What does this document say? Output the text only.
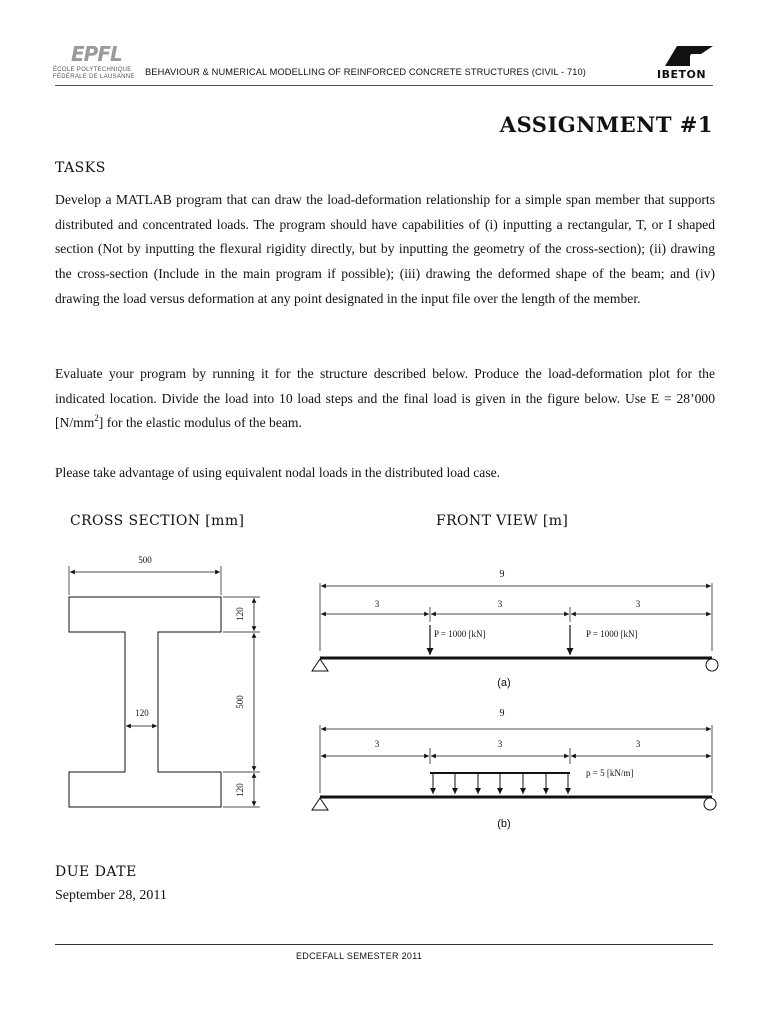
EPFL
ÉCOLE POLYTECHNIQUE
FÉDÉRALE DE LAUSANNE BEHAVIOUR & NUMERICAL MODELLING OF REINFORCED CONCRETE STRUCTURES (CIVIL - 710)	IBETON
ASSIGNMENT #1
TASKS
Develop a MATLAB program that can draw the load-deformation relationship for a simple span member that supports distributed and concentrated loads. The program should have capabilities of (i) inputting a rectangular, T, or I shaped section (Not by inputting the flexural rigidity directly, but by inputting the geometry of the cross-section); (ii) drawing the cross-section (Include in the main program if possible); (iii) drawing the deformed shape of the beam; and (iv) drawing the load versus deformation at any point designated in the input file over the length of the member.
Evaluate your program by running it for the structure described below. Produce the load-deformation plot for the indicated location. Divide the load into 10 load steps and the final load is given in the figure below. Use E = 28’000 $[N/mm^2]$ for the elastic modulus of the beam.
Please take advantage of using equivalent nodal loads in the distributed load case.
CROSS SECTION [mm]	FRONT VIEW [m]
500
120
120
500
120
9
3	3	3
P = 1000 [kN]	P = 1000 [kN]
(a)
9
3	3	3
p = 5 [kN/m]
(b)
DUE DATE
September 28, 2011
EDCEFALL SEMESTER 2011
